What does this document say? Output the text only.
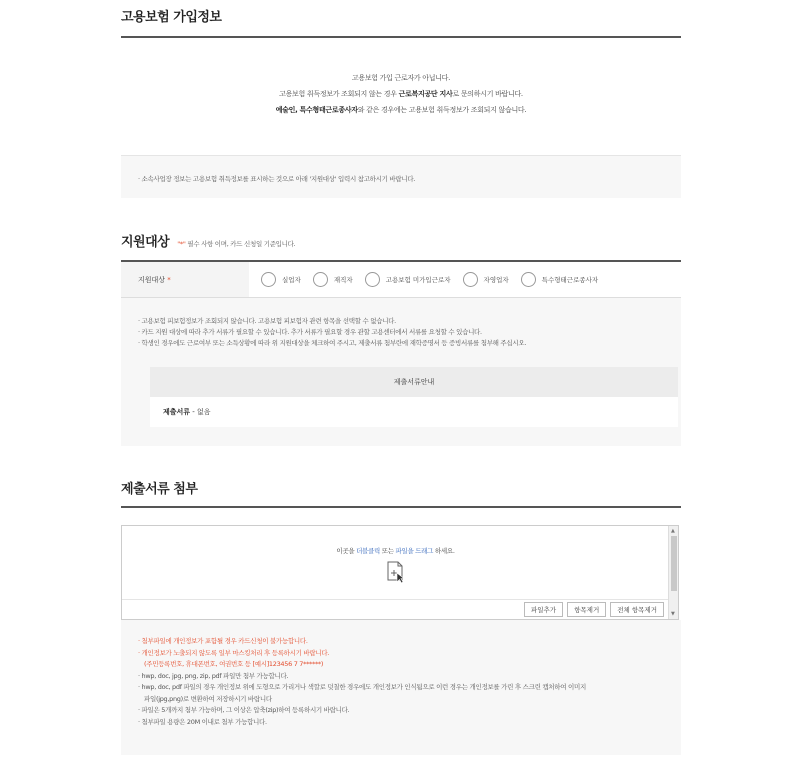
고용보험 가입정보
고용보험 가입 근로자가 아닙니다.
고용보험 취득정보가 조회되지 않는 경우 근로복지공단 지사로 문의하시기 바랍니다.
예술인, 특수형태근로종사자와 같은 경우에는 고용보험 취득정보가 조회되지 않습니다.
· 소속사업장 정보는 고용보험 취득정보를 표시하는 것으로 아래 '지원대상' 입력시 참고하시기 바랍니다.
지원대상 "*" 필수 사항 이며, 카드 신청일 기준입니다.
지원대상 *	실업자	재직자	고용보험 미가입근로자	자영업자	특수형태근로종사자
· 고용보험 피보험정보가 조회되지 않습니다. 고용보험 피보험자 관련 항목을 선택할 수 없습니다.
· 카드 지원 대상에 따라 추가 서류가 필요할 수 있습니다. 추가 서류가 필요할 경우 관할 고용센터에서 서류를 요청할 수 있습니다.
· 학생인 경우에도 근로여부 또는 소득상황에 따라 위 지원대상을 체크하여 주시고, 제출서류 첨부란에 재학증명서 등 증빙서류를 첨부해 주십시오.
제출서류안내
제출서류 - 없음
제출서류 첨부
이곳을 더블클릭 또는 파일을 드래그 하세요.
▲
▼
파일추가	항목제거	전체 항목제거
· 첨부파일에 개인정보가 포함될 경우 카드신청이 불가능합니다.
· 개인정보가 노출되지 않도록 일부 마스킹처리 후 등록하시기 바랍니다.
(주민등록번호, 휴대폰번호, 여권번호 등 [예시]123456 7 7******)
· hwp, doc, jpg, png, zip, pdf 파일만 첨부 가능합니다.
· hwp, doc, pdf 파일의 경우 개인정보 위에 도형으로 가리거나 색깔로 덧칠한 경우에도 개인정보가 인식됨으로 이런 경우는 개인정보를 가린 후 스크린 캡처하여 이미지
파일(jpg,png)로 변환하여 저장하시기 바랍니다
· 파일은 5개까지 첨부 가능하며, 그 이상은 압축(zip)하여 등록하시기 바랍니다.
· 첨부파일 용량은 20M 이내로 첨부 가능합니다.
